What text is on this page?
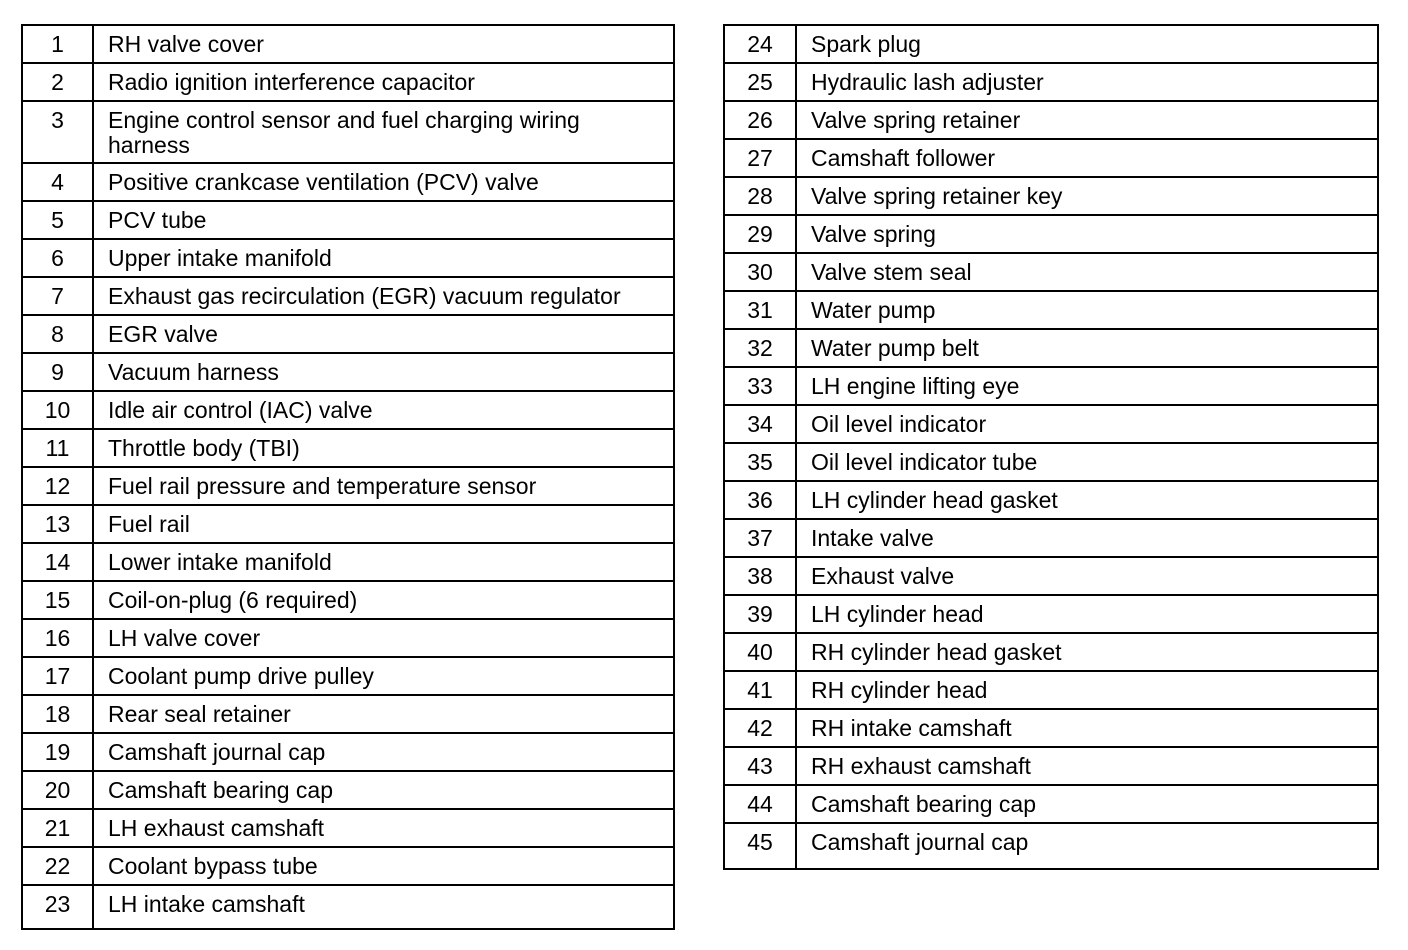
1	RH valve cover
2	Radio ignition interference capacitor
3	Engine control sensor and fuel charging wiring harness
4	Positive crankcase ventilation (PCV) valve
5	PCV tube
6	Upper intake manifold
7	Exhaust gas recirculation (EGR) vacuum regulator
8	EGR valve
9	Vacuum harness
10	Idle air control (IAC) valve
11	Throttle body (TBI)
12	Fuel rail pressure and temperature sensor
13	Fuel rail
14	Lower intake manifold
15	Coil-on-plug (6 required)
16	LH valve cover
17	Coolant pump drive pulley
18	Rear seal retainer
19	Camshaft journal cap
20	Camshaft bearing cap
21	LH exhaust camshaft
22	Coolant bypass tube
23	LH intake camshaft
24	Spark plug
25	Hydraulic lash adjuster
26	Valve spring retainer
27	Camshaft follower
28	Valve spring retainer key
29	Valve spring
30	Valve stem seal
31	Water pump
32	Water pump belt
33	LH engine lifting eye
34	Oil level indicator
35	Oil level indicator tube
36	LH cylinder head gasket
37	Intake valve
38	Exhaust valve
39	LH cylinder head
40	RH cylinder head gasket
41	RH cylinder head
42	RH intake camshaft
43	RH exhaust camshaft
44	Camshaft bearing cap
45	Camshaft journal cap
